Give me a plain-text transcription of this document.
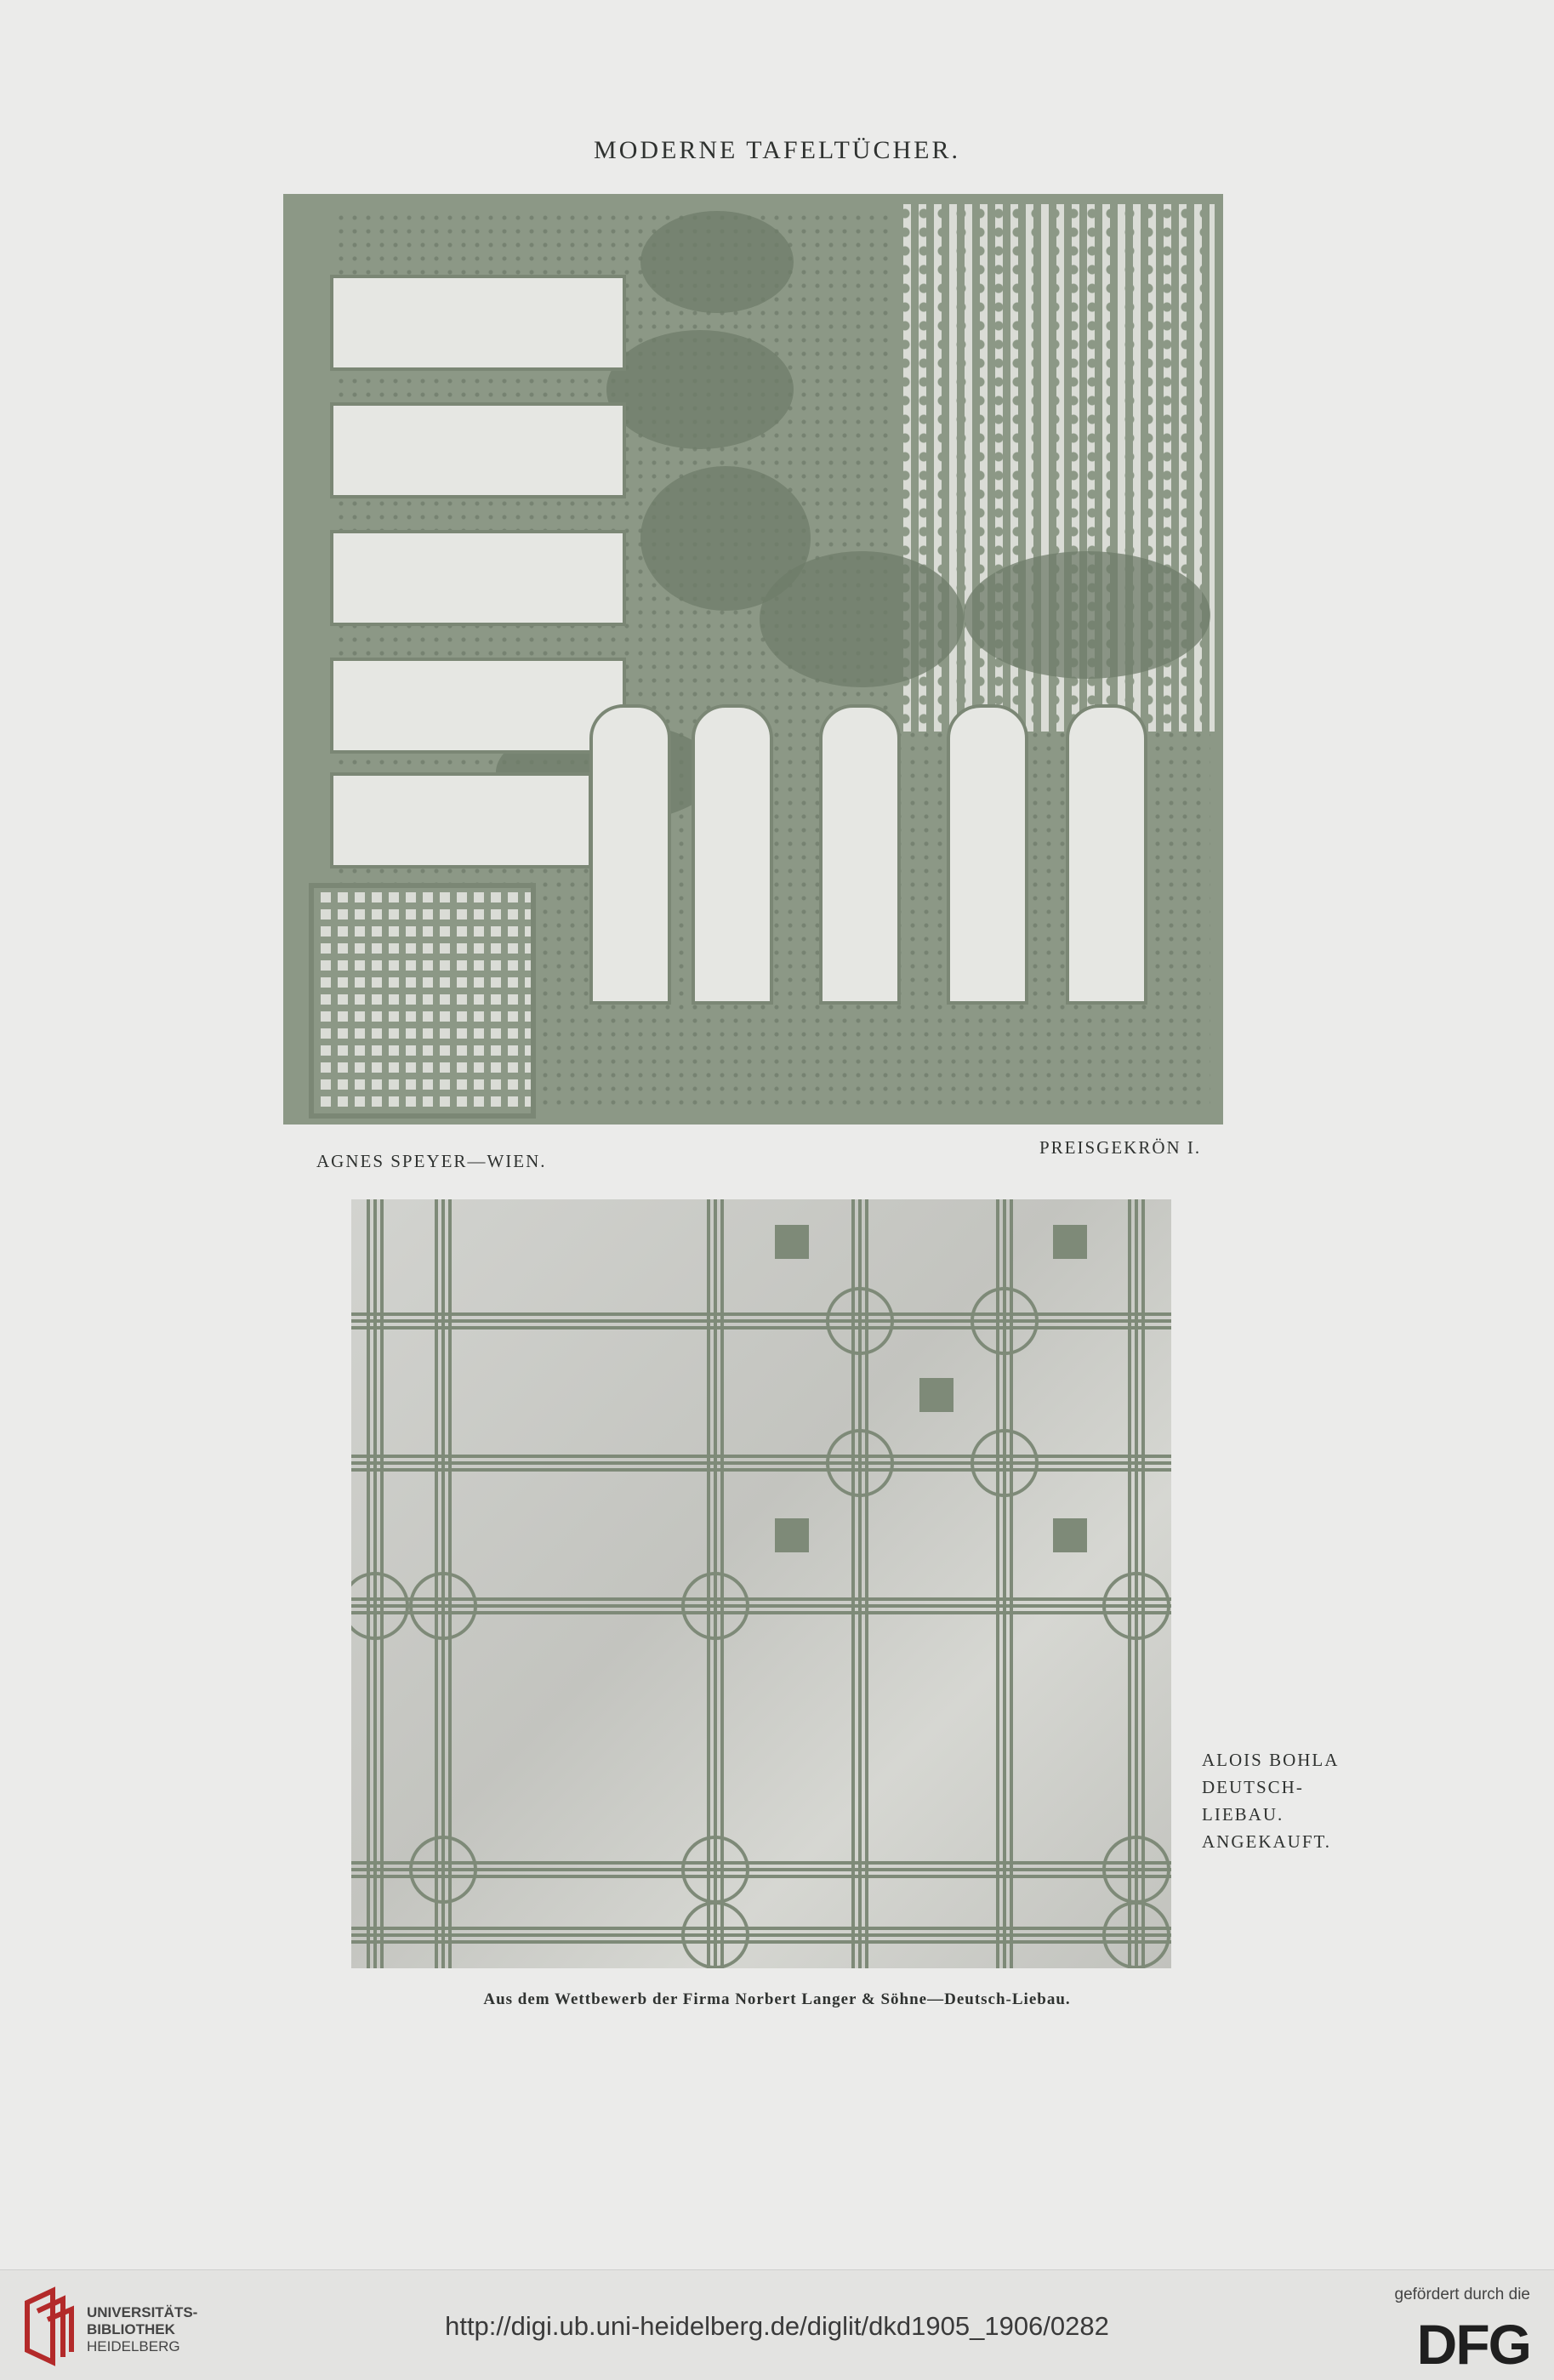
MODERNE TAFELTÜCHER.
AGNES SPEYER—WIEN.
PREISGEKRÖN I.
ALOIS BOHLA
DEUTSCH-
LIEBAU.
ANGEKAUFT.
Aus dem Wettbewerb der Firma Norbert Langer & Söhne—Deutsch-Liebau.
UNIVERSITÄTS-
BIBLIOTHEK
HEIDELBERG
http://digi.ub.uni-heidelberg.de/diglit/dkd1905_1906/0282
gefördert durch die
DFG
